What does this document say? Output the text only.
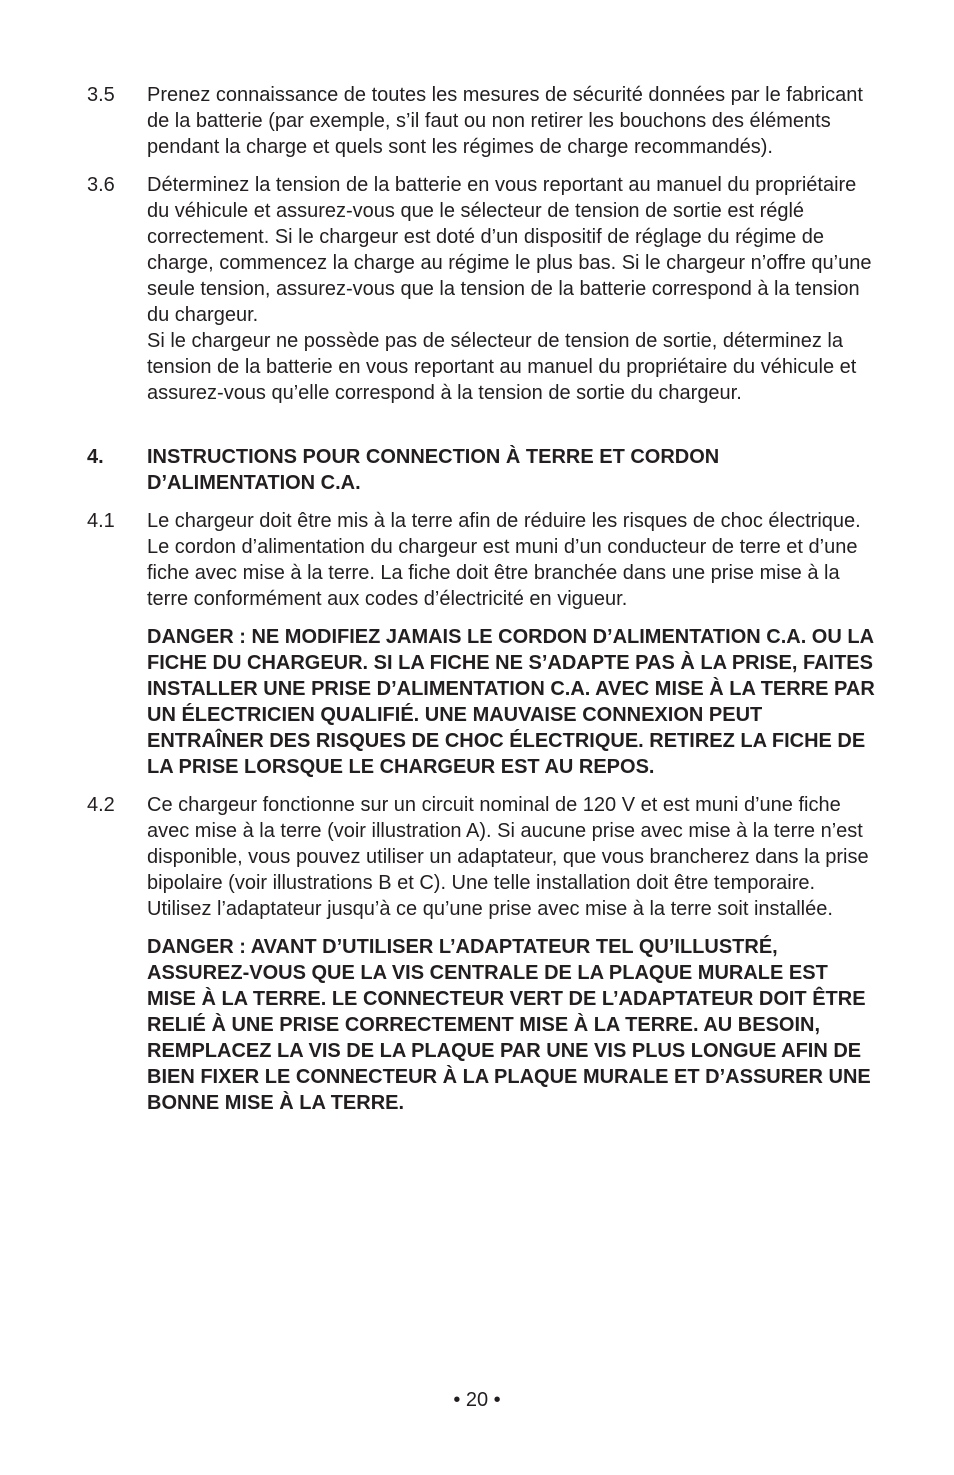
3.5	Prenez connaissance de toutes les mesures de sécurité données par le fabricant de la batterie (par exemple, s’il faut ou non retirer les bouchons des éléments pendant la charge et quels sont les régimes de charge recommandés).

3.6	Déterminez la tension de la batterie en vous reportant au manuel du propriétaire du véhicule et assurez-vous que le sélecteur de tension de sortie est réglé correctement. Si le chargeur est doté d’un dispositif de réglage du régime de charge, commencez la charge au régime le plus bas. Si le chargeur n’offre qu’une seule tension, assurez-vous que la tension de la batterie correspond à la tension du chargeur.

Si le chargeur ne possède pas de sélecteur de tension de sortie, déterminez la tension de la batterie en vous reportant au manuel du propriétaire du véhicule et assurez-vous qu’elle correspond à la tension de sortie du chargeur.

4.	INSTRUCTIONS POUR CONNECTION À TERRE ET CORDON D’ALIMENTATION C.A.
4.1	Le chargeur doit être mis à la terre afin de réduire les risques de choc électrique. Le cordon d’alimentation du chargeur est muni d’un conducteur de terre et d’une fiche avec mise à la terre. La fiche doit être branchée dans une prise mise à la terre conformément aux codes d’électricité en vigueur.

DANGER : NE MODIFIEZ JAMAIS LE CORDON D’ALIMENTATION C.A. OU LA FICHE DU CHARGEUR. SI LA FICHE NE S’ADAPTE PAS À LA PRISE, FAITES INSTALLER UNE PRISE D’ALIMENTATION C.A. AVEC MISE À LA TERRE PAR UN ÉLECTRICIEN QUALIFIÉ. UNE MAUVAISE CONNEXION PEUT ENTRAÎNER DES RISQUES DE CHOC ÉLECTRIQUE. RETIREZ LA FICHE DE LA PRISE LORSQUE LE CHARGEUR EST AU REPOS.

4.2	Ce chargeur fonctionne sur un circuit nominal de 120 V et est muni d’une fiche avec mise à la terre (voir illustration A). Si aucune prise avec mise à la terre n’est disponible, vous pouvez utiliser un adaptateur, que vous brancherez dans la prise bipolaire (voir illustrations B et C). Une telle installation doit être temporaire. Utilisez l’adaptateur jusqu’à ce qu’une prise avec mise à la terre soit installée.

DANGER : AVANT D’UTILISER L’ADAPTATEUR TEL QU’ILLUSTRÉ, ASSUREZ-VOUS QUE LA VIS CENTRALE DE LA PLAQUE MURALE EST MISE À LA TERRE. LE CONNECTEUR VERT DE L’ADAPTATEUR DOIT ÊTRE RELIÉ À UNE PRISE CORRECTEMENT MISE À LA TERRE. AU BESOIN, REMPLACEZ LA VIS DE LA PLAQUE PAR UNE VIS PLUS LONGUE AFIN DE BIEN FIXER LE CONNECTEUR À LA PLAQUE MURALE ET D’ASSURER UNE BONNE MISE À LA TERRE.

• 20 •
